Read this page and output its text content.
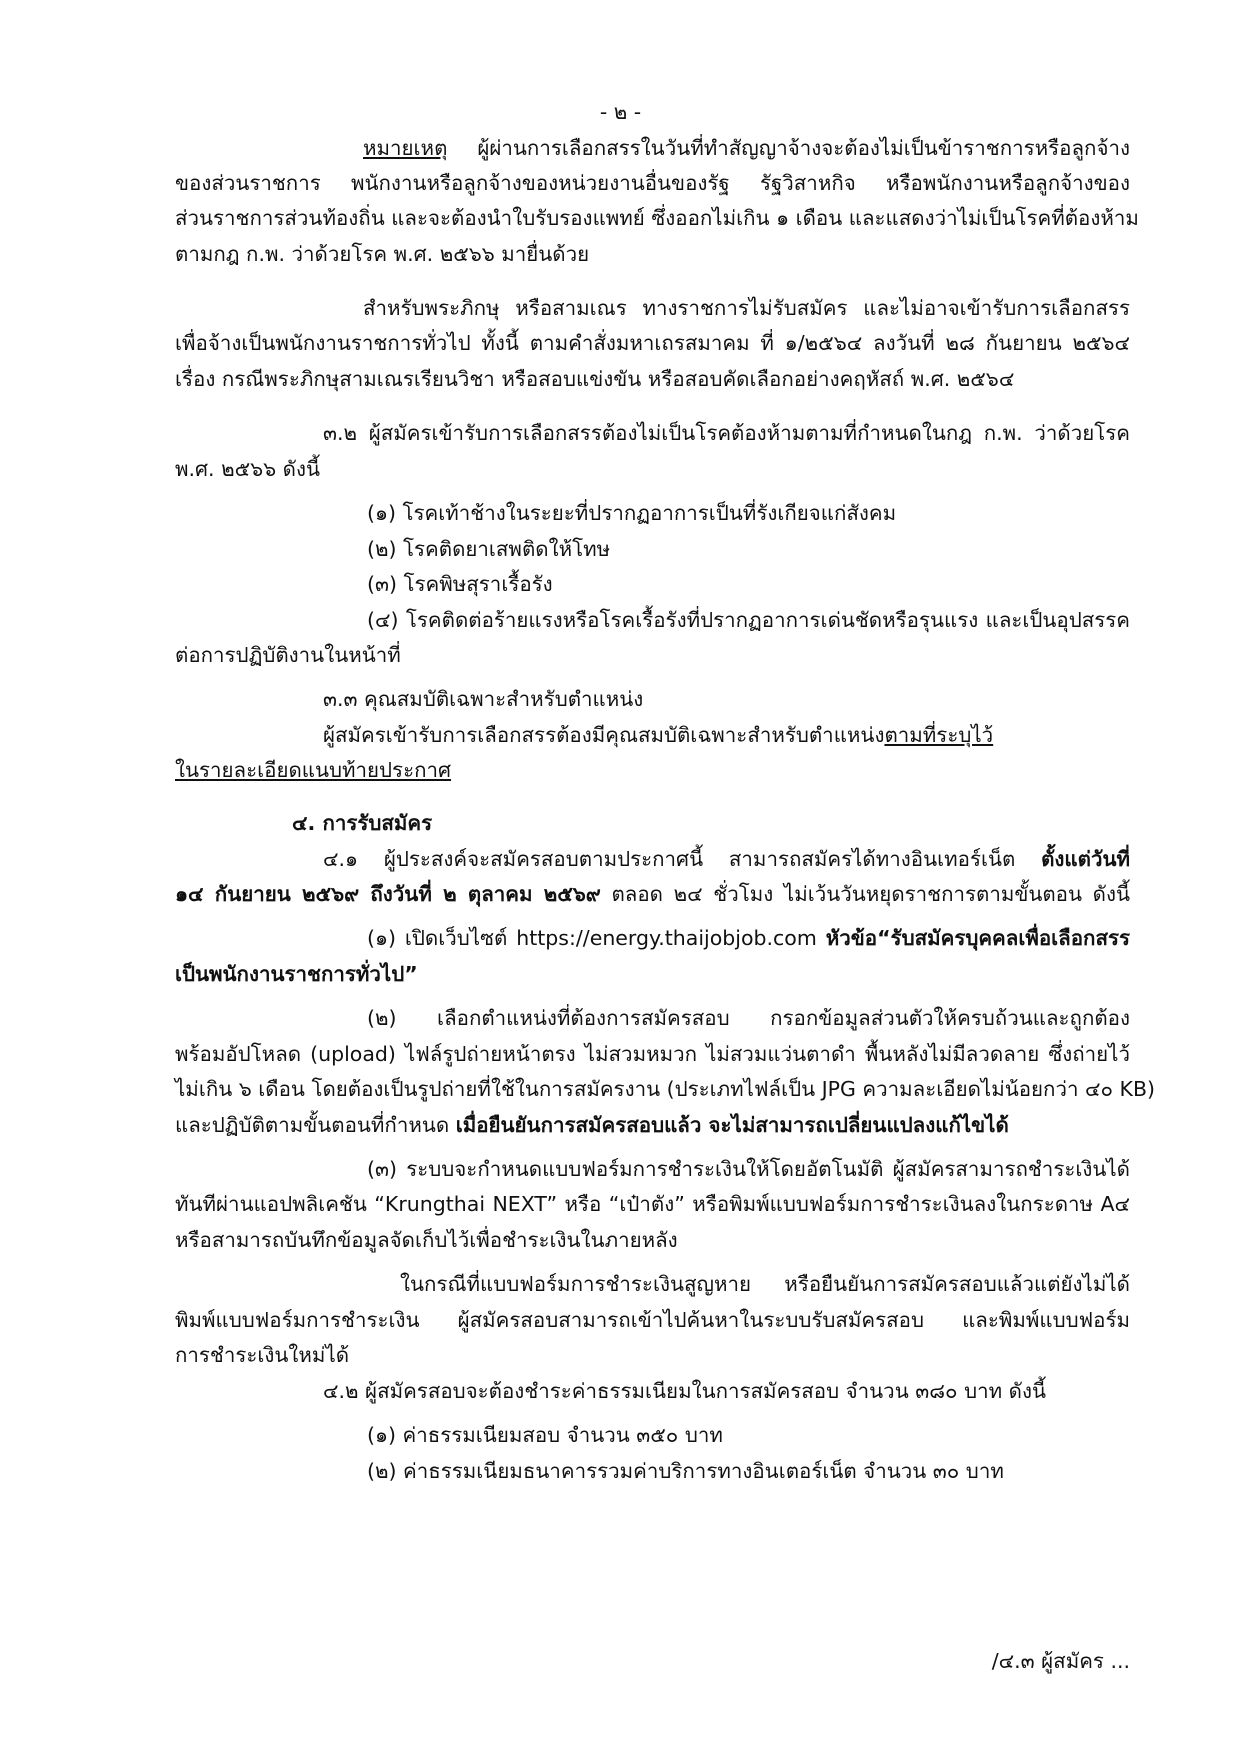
- ๒ -
หมายเหตุ ผู้ผ่านการเลือกสรรในวันที่ทำสัญญาจ้างจะต้องไม่เป็นข้าราชการหรือลูกจ้าง
ของส่วนราชการ พนักงานหรือลูกจ้างของหน่วยงานอื่นของรัฐ รัฐวิสาหกิจ หรือพนักงานหรือลูกจ้างของ
ส่วนราชการส่วนท้องถิ่น และจะต้องนำใบรับรองแพทย์ ซึ่งออกไม่เกิน ๑ เดือน และแสดงว่าไม่เป็นโรคที่ต้องห้าม
ตามกฎ ก.พ. ว่าด้วยโรค พ.ศ. ๒๕๖๖ มายื่นด้วย
สำหรับพระภิกษุ หรือสามเณร ทางราชการไม่รับสมัคร และไม่อาจเข้ารับการเลือกสรร
เพื่อจ้างเป็นพนักงานราชการทั่วไป ทั้งนี้ ตามคำสั่งมหาเถรสมาคม ที่ ๑/๒๕๖๔ ลงวันที่ ๒๘ กันยายน ๒๕๖๔
เรื่อง กรณีพระภิกษุสามเณรเรียนวิชา หรือสอบแข่งขัน หรือสอบคัดเลือกอย่างคฤหัสถ์ พ.ศ. ๒๕๖๔
๓.๒ ผู้สมัครเข้ารับการเลือกสรรต้องไม่เป็นโรคต้องห้ามตามที่กำหนดในกฎ ก.พ. ว่าด้วยโรค
พ.ศ. ๒๕๖๖ ดังนี้
(๑) โรคเท้าช้างในระยะที่ปรากฏอาการเป็นที่รังเกียจแก่สังคม
(๒) โรคติดยาเสพติดให้โทษ
(๓) โรคพิษสุราเรื้อรัง
(๔) โรคติดต่อร้ายแรงหรือโรคเรื้อรังที่ปรากฏอาการเด่นชัดหรือรุนแรง และเป็นอุปสรรค
ต่อการปฏิบัติงานในหน้าที่
๓.๓ คุณสมบัติเฉพาะสำหรับตำแหน่ง
ผู้สมัครเข้ารับการเลือกสรรต้องมีคุณสมบัติเฉพาะสำหรับตำแหน่งตามที่ระบุไว้
ในรายละเอียดแนบท้ายประกาศ
๔. การรับสมัคร
๔.๑ ผู้ประสงค์จะสมัครสอบตามประกาศนี้ สามารถสมัครได้ทางอินเทอร์เน็ต ตั้งแต่วันที่
๑๔ กันยายน ๒๕๖๙ ถึงวันที่ ๒ ตุลาคม ๒๕๖๙ ตลอด ๒๔ ชั่วโมง ไม่เว้นวันหยุดราชการตามขั้นตอน ดังนี้
(๑) เปิดเว็บไซต์ https://energy.thaijobjob.com หัวข้อ“รับสมัครบุคคลเพื่อเลือกสรร
เป็นพนักงานราชการทั่วไป”
(๒) เลือกตำแหน่งที่ต้องการสมัครสอบ กรอกข้อมูลส่วนตัวให้ครบถ้วนและถูกต้อง
พร้อมอัปโหลด (upload) ไฟล์รูปถ่ายหน้าตรง ไม่สวมหมวก ไม่สวมแว่นตาดำ พื้นหลังไม่มีลวดลาย ซึ่งถ่ายไว้
ไม่เกิน ๖ เดือน โดยต้องเป็นรูปถ่ายที่ใช้ในการสมัครงาน (ประเภทไฟล์เป็น JPG ความละเอียดไม่น้อยกว่า ๔๐ KB)
และปฏิบัติตามขั้นตอนที่กำหนด เมื่อยืนยันการสมัครสอบแล้ว จะไม่สามารถเปลี่ยนแปลงแก้ไขได้
(๓) ระบบจะกำหนดแบบฟอร์มการชำระเงินให้โดยอัตโนมัติ ผู้สมัครสามารถชำระเงินได้
ทันทีผ่านแอปพลิเคชัน “Krungthai NEXT” หรือ “เป๋าตัง” หรือพิมพ์แบบฟอร์มการชำระเงินลงในกระดาษ A๔
หรือสามารถบันทึกข้อมูลจัดเก็บไว้เพื่อชำระเงินในภายหลัง
ในกรณีที่แบบฟอร์มการชำระเงินสูญหาย หรือยืนยันการสมัครสอบแล้วแต่ยังไม่ได้
พิมพ์แบบฟอร์มการชำระเงิน ผู้สมัครสอบสามารถเข้าไปค้นหาในระบบรับสมัครสอบ และพิมพ์แบบฟอร์ม
การชำระเงินใหม่ได้
๔.๒ ผู้สมัครสอบจะต้องชำระค่าธรรมเนียมในการสมัครสอบ จำนวน ๓๘๐ บาท ดังนี้
(๑) ค่าธรรมเนียมสอบ จำนวน ๓๕๐ บาท
(๒) ค่าธรรมเนียมธนาคารรวมค่าบริการทางอินเตอร์เน็ต จำนวน ๓๐ บาท
/๔.๓ ผู้สมัคร ...
